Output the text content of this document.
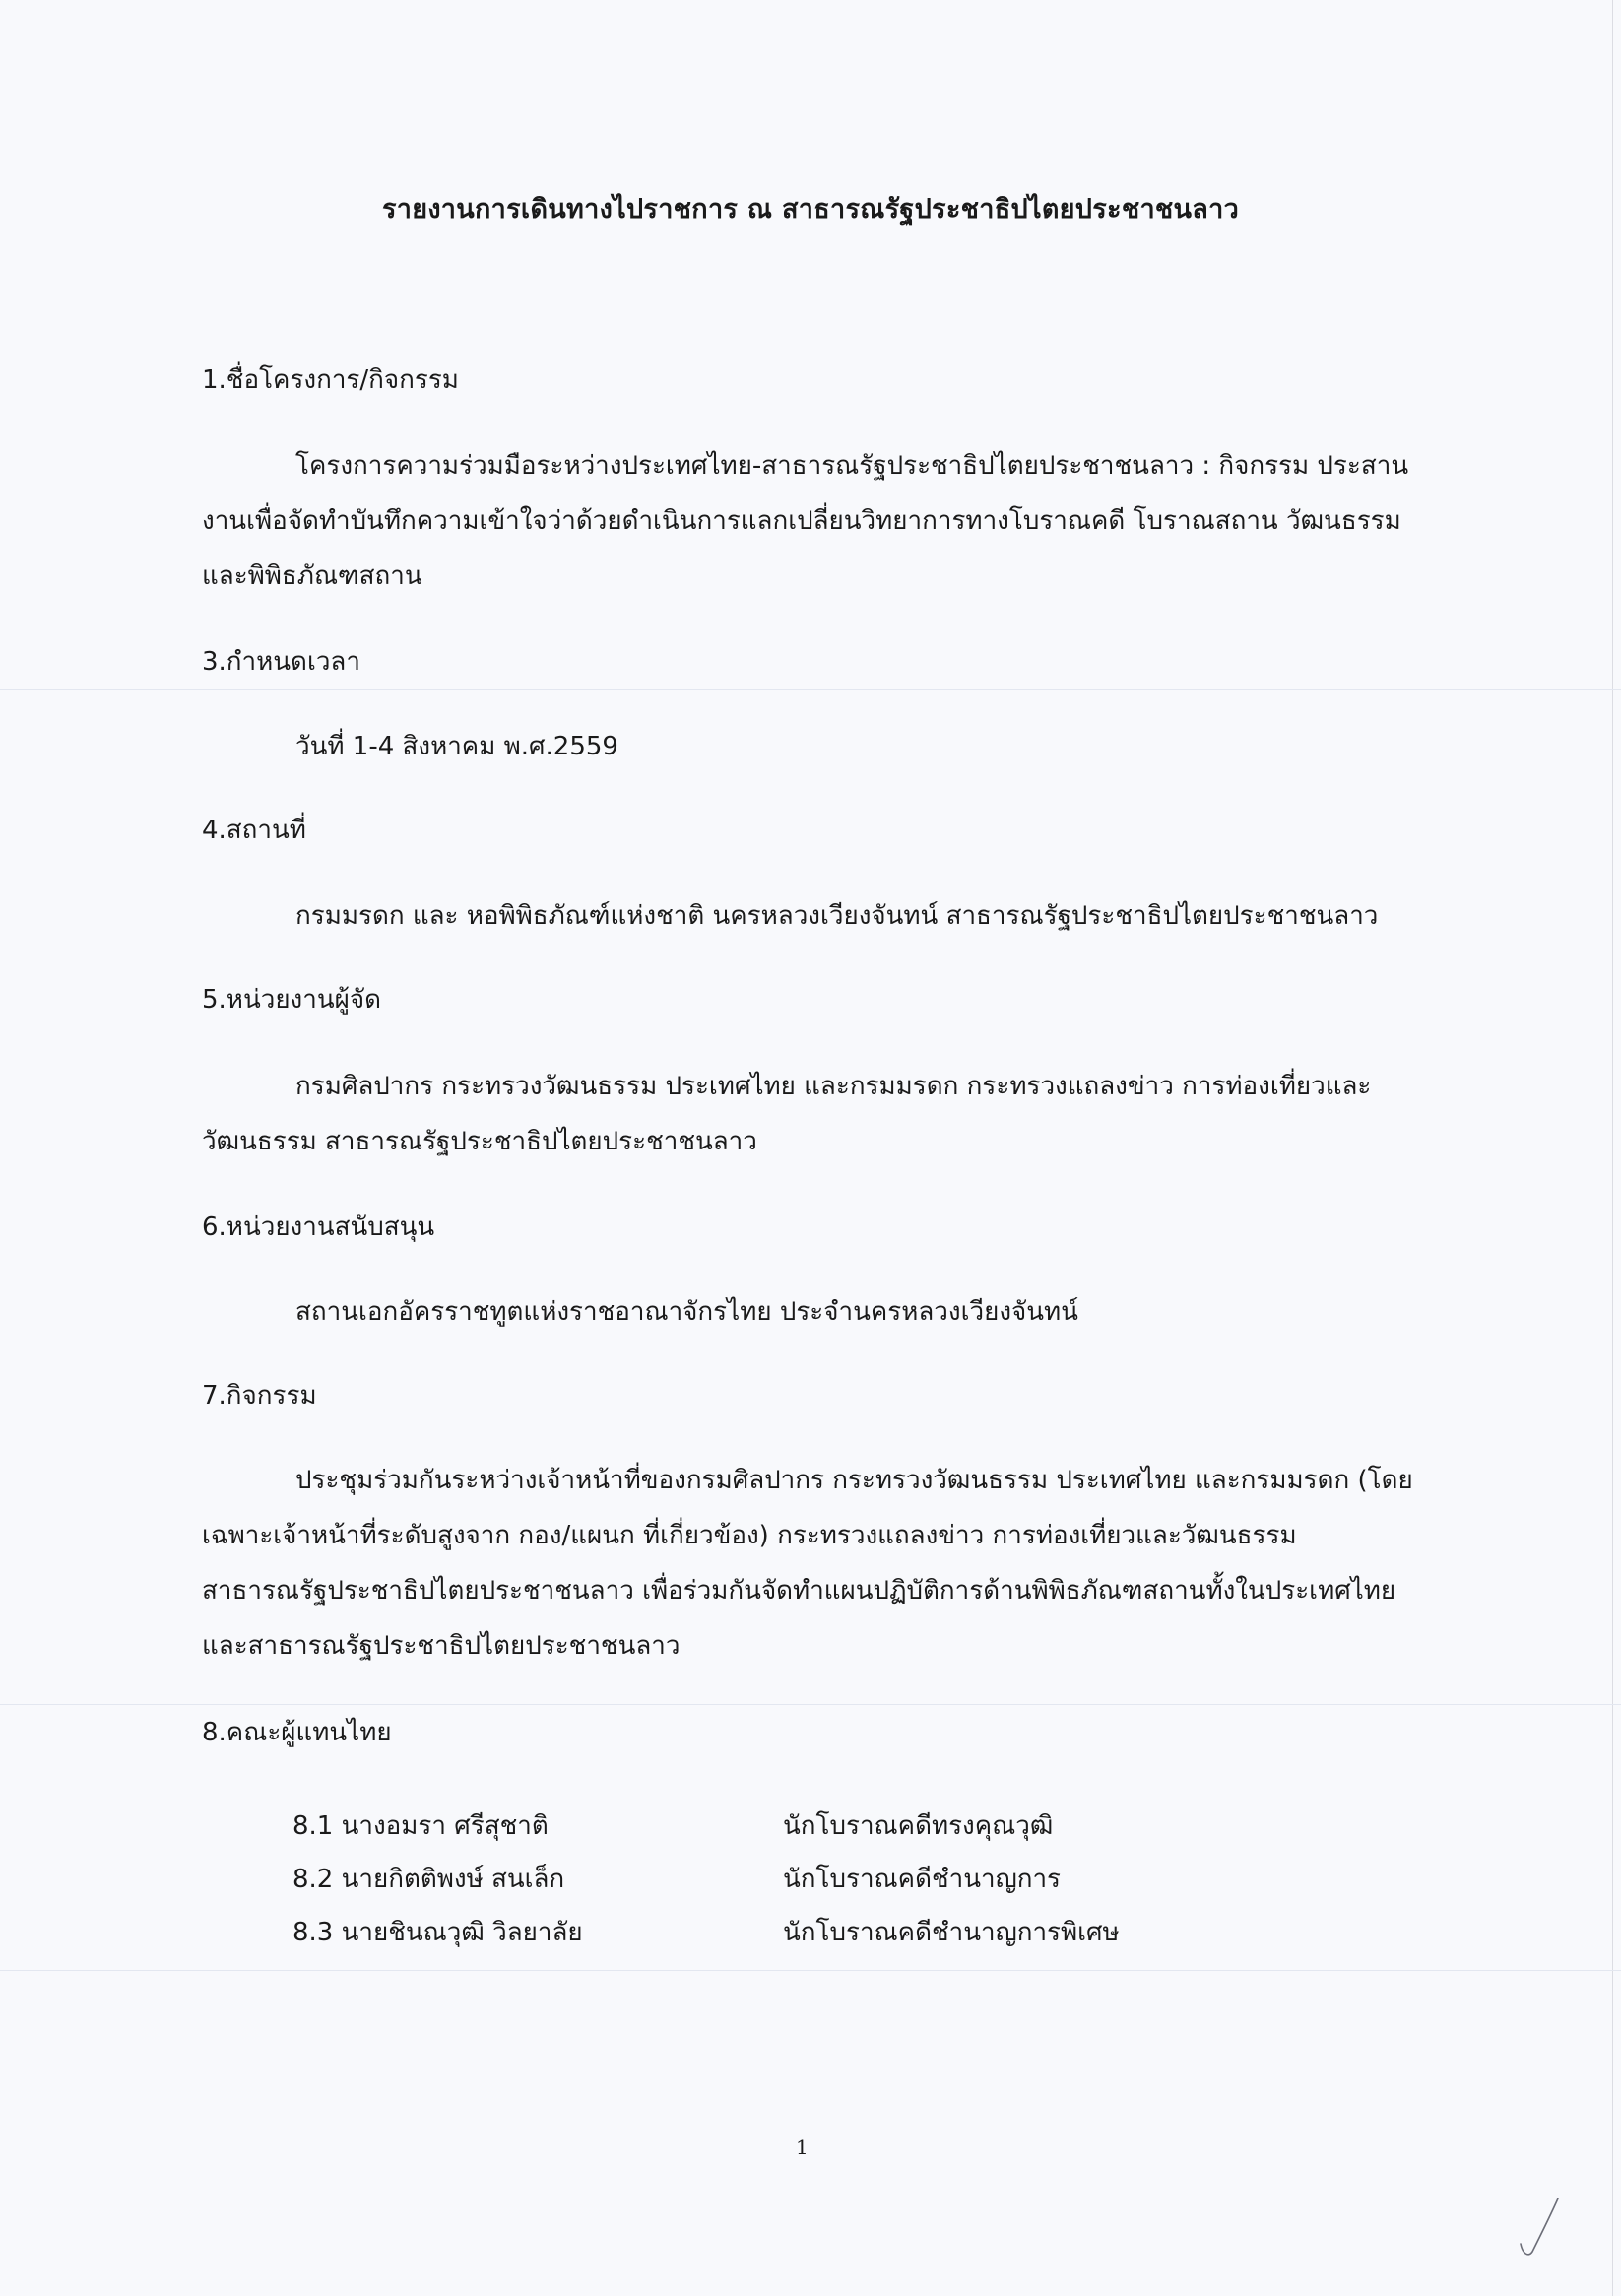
รายงานการเดินทางไปราชการ ณ สาธารณรัฐประชาธิปไตยประชาชนลาว
1.ชื่อโครงการ/กิจกรรม

โครงการความร่วมมือระหว่างประเทศไทย-สาธารณรัฐประชาธิปไตยประชาชนลาว : กิจกรรม ประสานงานเพื่อจัดทำบันทึกความเข้าใจว่าด้วยดำเนินการแลกเปลี่ยนวิทยาการทางโบราณคดี โบราณสถาน วัฒนธรรมและพิพิธภัณฑสถาน

3.กำหนดเวลา
วันที่ 1-4 สิงหาคม พ.ศ.2559
4.สถานที่
กรมมรดก และ หอพิพิธภัณฑ์แห่งชาติ นครหลวงเวียงจันทน์ สาธารณรัฐประชาธิปไตยประชาชนลาว
5.หน่วยงานผู้จัด

กรมศิลปากร กระทรวงวัฒนธรรม ประเทศไทย และกรมมรดก กระทรวงแถลงข่าว การท่องเที่ยวและวัฒนธรรม สาธารณรัฐประชาธิปไตยประชาชนลาว

6.หน่วยงานสนับสนุน
สถานเอกอัครราชทูตแห่งราชอาณาจักรไทย ประจำนครหลวงเวียงจันทน์
7.กิจกรรม

ประชุมร่วมกันระหว่างเจ้าหน้าที่ของกรมศิลปากร กระทรวงวัฒนธรรม ประเทศไทย และกรมมรดก (โดยเฉพาะเจ้าหน้าที่ระดับสูงจาก กอง/แผนก ที่เกี่ยวข้อง) กระทรวงแถลงข่าว การท่องเที่ยวและวัฒนธรรม สาธารณรัฐประชาธิปไตยประชาชนลาว เพื่อร่วมกันจัดทำแผนปฏิบัติการด้านพิพิธภัณฑสถานทั้งในประเทศไทยและสาธารณรัฐประชาธิปไตยประชาชนลาว

8.คณะผู้แทนไทย
8.1 นางอมรา ศรีสุชาติ	นักโบราณคดีทรงคุณวุฒิ
8.2 นายกิตติพงษ์ สนเล็ก	นักโบราณคดีชำนาญการ
8.3 นายชินณวุฒิ วิลยาลัย	นักโบราณคดีชำนาญการพิเศษ
1
